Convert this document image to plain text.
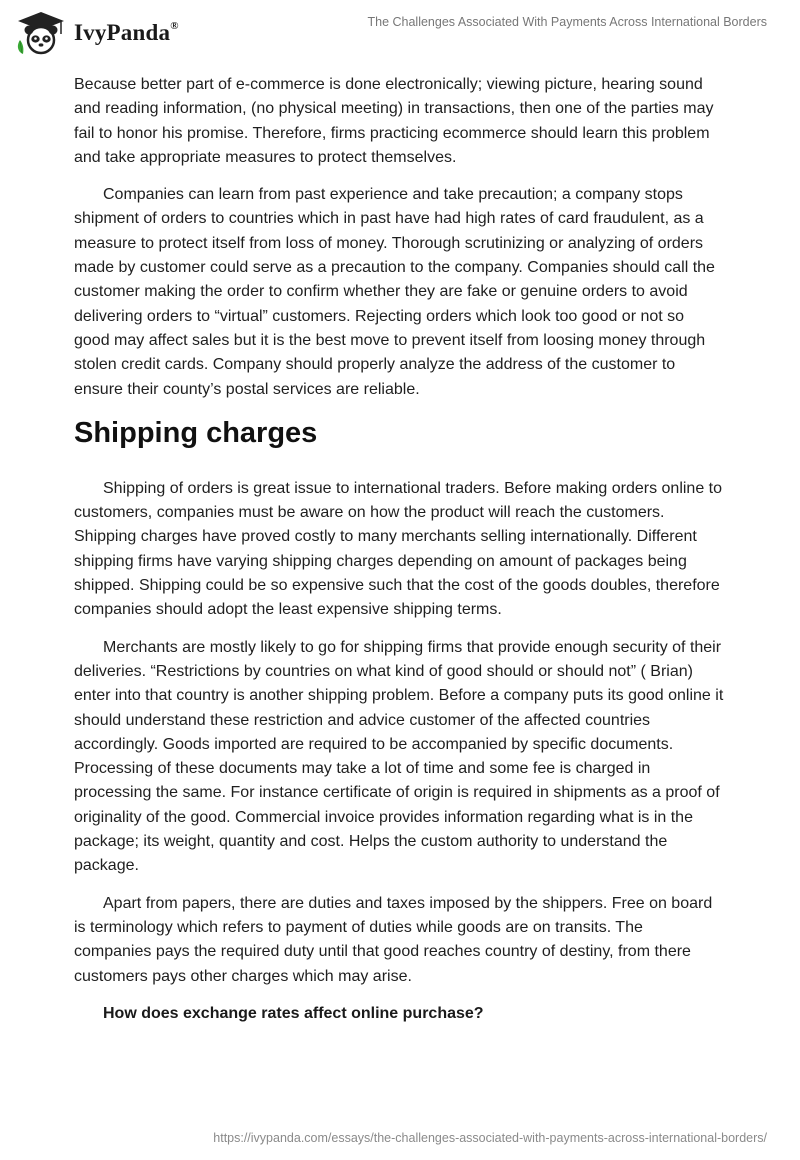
IvyPanda®	The Challenges Associated With Payments Across International Borders

Because better part of e-commerce is done electronically; viewing picture, hearing sound and reading information, (no physical meeting) in transactions, then one of the parties may fail to honor his promise. Therefore, firms practicing ecommerce should learn this problem and take appropriate measures to protect themselves.

Companies can learn from past experience and take precaution; a company stops shipment of orders to countries which in past have had high rates of card fraudulent, as a measure to protect itself from loss of money. Thorough scrutinizing or analyzing of orders made by customer could serve as a precaution to the company. Companies should call the customer making the order to confirm whether they are fake or genuine orders to avoid delivering orders to “virtual” customers. Rejecting orders which look too good or not so good may affect sales but it is the best move to prevent itself from loosing money through stolen credit cards. Company should properly analyze the address of the customer to ensure their county’s postal services are reliable.

Shipping charges

Shipping of orders is great issue to international traders. Before making orders online to customers, companies must be aware on how the product will reach the customers. Shipping charges have proved costly to many merchants selling internationally. Different shipping firms have varying shipping charges depending on amount of packages being shipped. Shipping could be so expensive such that the cost of the goods doubles, therefore companies should adopt the least expensive shipping terms.

Merchants are mostly likely to go for shipping firms that provide enough security of their deliveries. “Restrictions by countries on what kind of good should or should not” ( Brian) enter into that country is another shipping problem. Before a company puts its good online it should understand these restriction and advice customer of the affected countries accordingly. Goods imported are required to be accompanied by specific documents. Processing of these documents may take a lot of time and some fee is charged in processing the same. For instance certificate of origin is required in shipments as a proof of originality of the good. Commercial invoice provides information regarding what is in the package; its weight, quantity and cost. Helps the custom authority to understand the package.

Apart from papers, there are duties and taxes imposed by the shippers. Free on board is terminology which refers to payment of duties while goods are on transits. The companies pays the required duty until that good reaches country of destiny, from there customers pays other charges which may arise.

How does exchange rates affect online purchase?
https://ivypanda.com/essays/the-challenges-associated-with-payments-across-international-borders/
